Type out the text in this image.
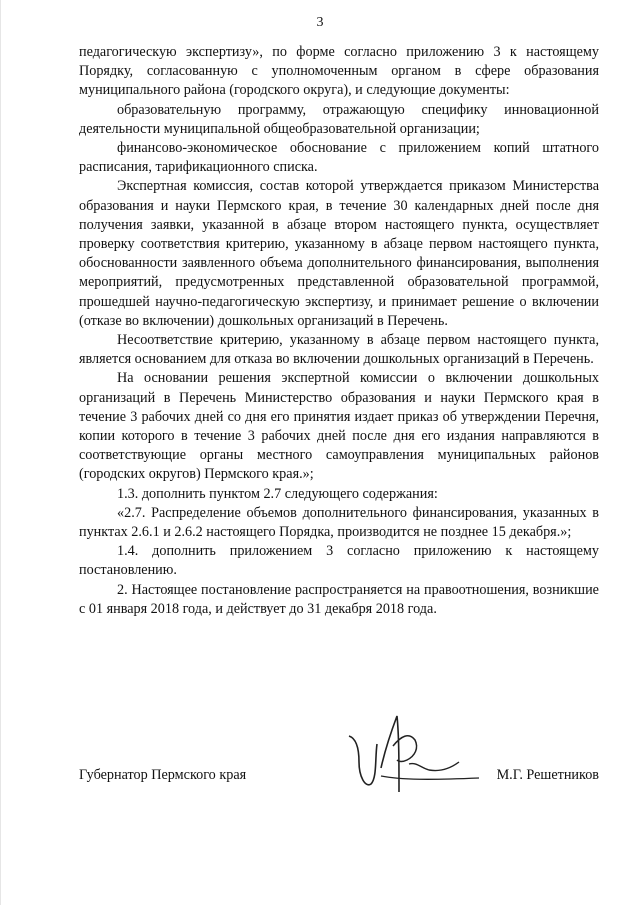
3

педагогическую экспертизу», по форме согласно приложению 3 к настоящему Порядку, согласованную с уполномоченным органом в сфере образования муниципального района (городского округа), и следующие документы:

образовательную программу, отражающую специфику инновационной деятельности муниципальной общеобразовательной организации;

финансово-экономическое обоснование с приложением копий штатного расписания, тарификационного списка.

Экспертная комиссия, состав которой утверждается приказом Министерства образования и науки Пермского края, в течение 30 календарных дней после дня получения заявки, указанной в абзаце втором настоящего пункта, осуществляет проверку соответствия критерию, указанному в абзаце первом настоящего пункта, обоснованности заявленного объема дополнительного финансирования, выполнения мероприятий, предусмотренных представленной образовательной программой, прошедшей научно-педагогическую экспертизу, и принимает решение о включении (отказе во включении) дошкольных организаций в Перечень.

Несоответствие критерию, указанному в абзаце первом настоящего пункта, является основанием для отказа во включении дошкольных организаций в Перечень.

На основании решения экспертной комиссии о включении дошкольных организаций в Перечень Министерство образования и науки Пермского края в течение 3 рабочих дней со дня его принятия издает приказ об утверждении Перечня, копии которого в течение 3 рабочих дней после дня его издания направляются в соответствующие органы местного самоуправления муниципальных районов (городских округов) Пермского края.»;

1.3. дополнить пунктом 2.7 следующего содержания:

«2.7. Распределение объемов дополнительного финансирования, указанных в пунктах 2.6.1 и 2.6.2 настоящего Порядка, производится не позднее 15 декабря.»;

1.4. дополнить приложением 3 согласно приложению к настоящему постановлению.

2. Настоящее постановление распространяется на правоотношения, возникшие с 01 января 2018 года, и действует до 31 декабря 2018 года.

Губернатор Пермского края	М.Г. Решетников
